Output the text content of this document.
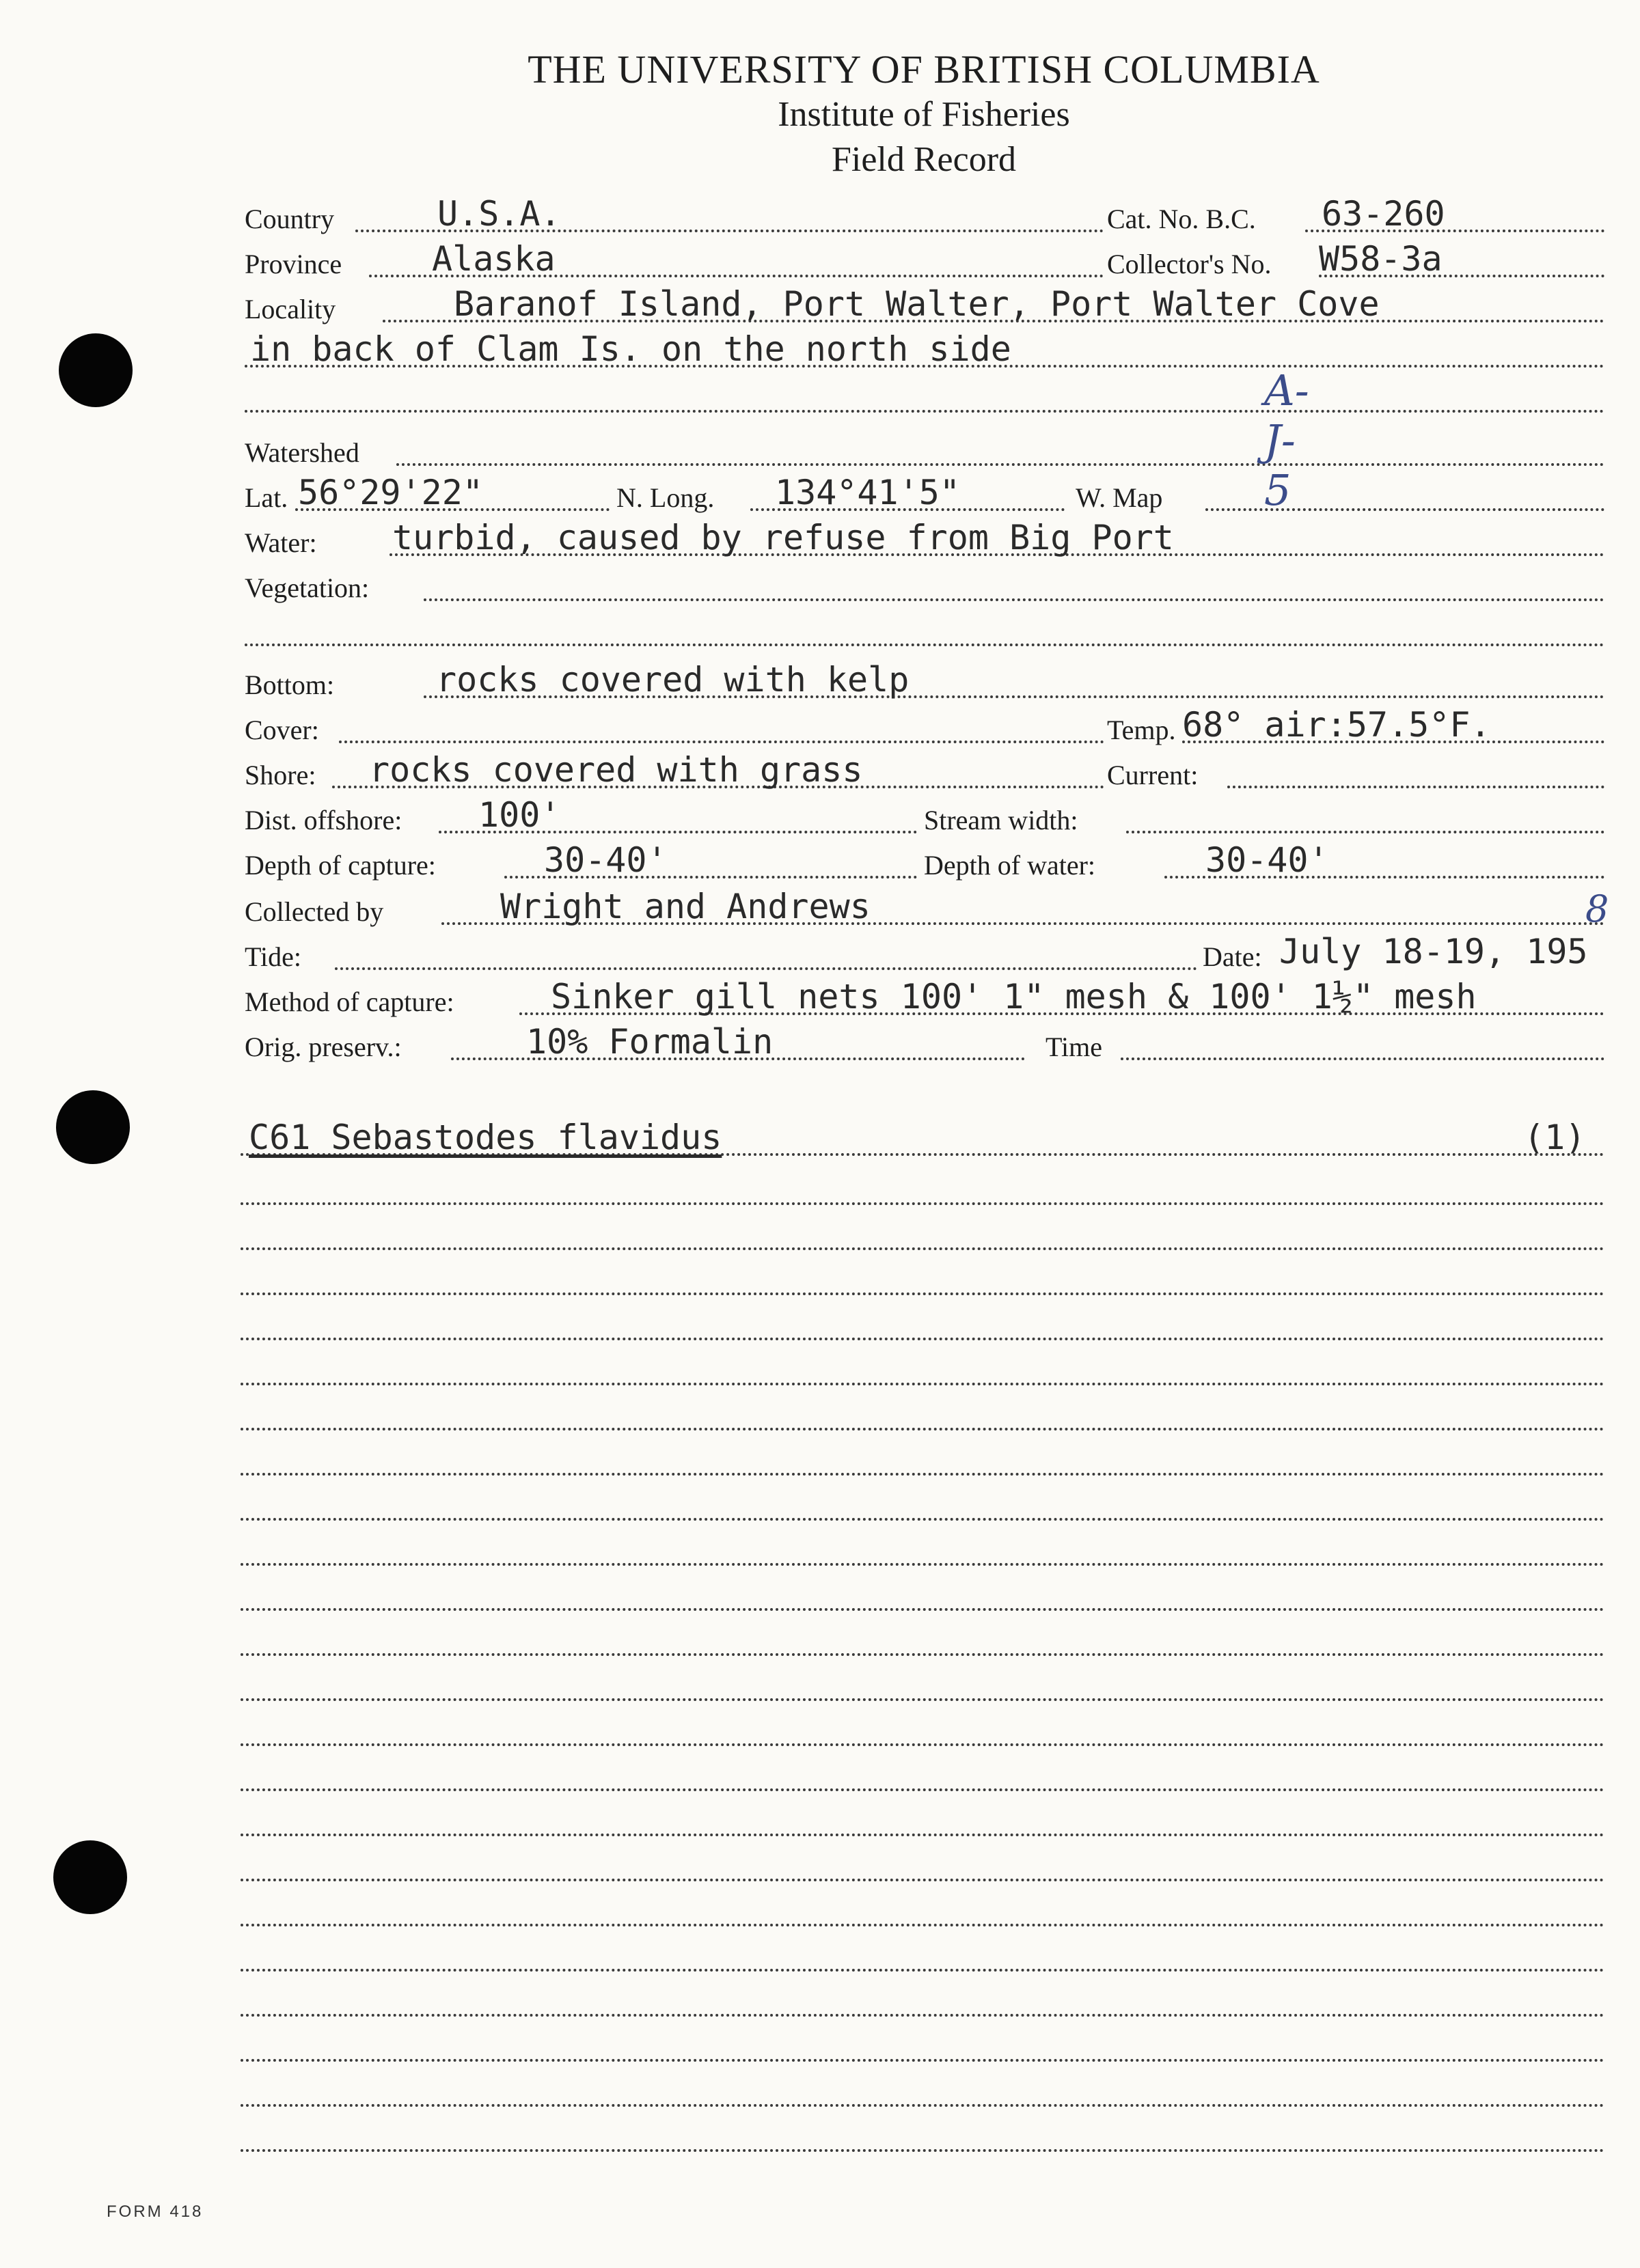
THE UNIVERSITY OF BRITISH COLUMBIA
Institute of Fisheries
Field Record
Country	U.S.A.	Cat. No. B.C. 63-260
Province	Alaska	Collector's No. W58-3a
Locality	Baranof Island, Port Walter, Port Walter Cove
in back of Clam Is. on the north side
Watershed
Lat. 56°29'22"	N. Long. 134°41'5"	W. Map
A-J-5
Water: turbid, caused by refuse from Big Port
Vegetation:
Bottom:	rocks covered with kelp
Cover:	Temp. 68° air:57.5°F.
Shore: rocks covered with grass	Current:
Dist. offshore: 100'	Stream width:
Depth of capture:	30-40'	Depth of water:	30-40'
Collected by	Wright and Andrews	8
Tide:	Date: July 18-19, 195
Method of capture:	Sinker gill nets 100' 1" mesh & 100' 1½" mesh
Orig. preserv.:	10% Formalin	Time
C61 Sebastodes flavidus	(1)
FORM 418
